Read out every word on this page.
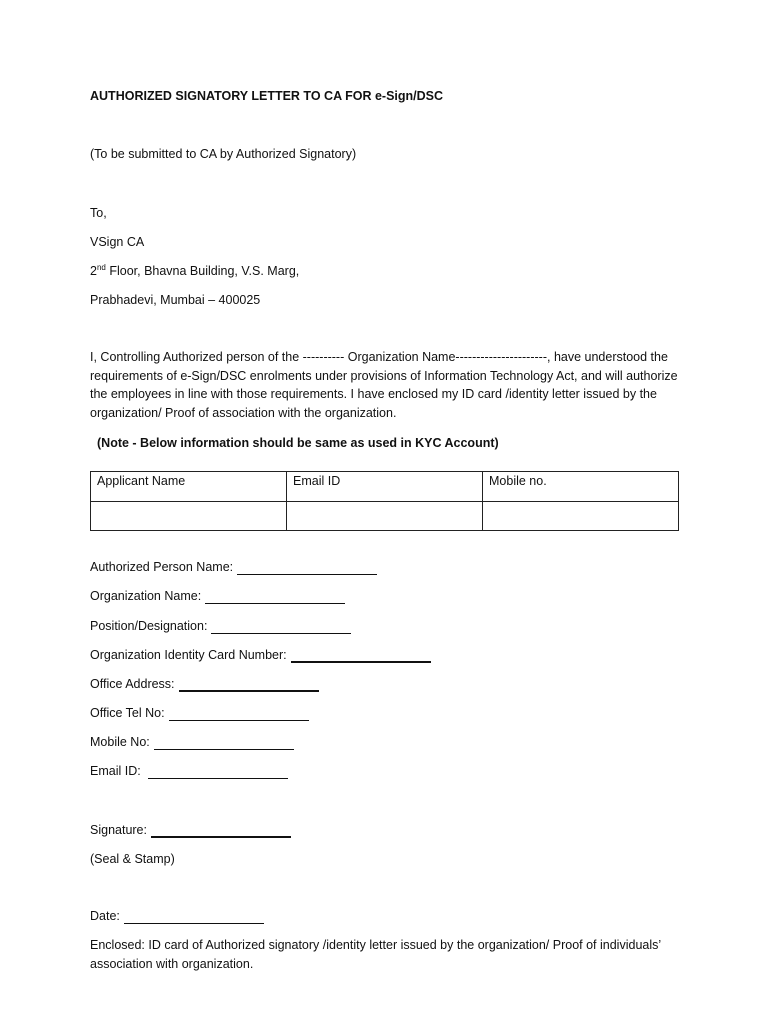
AUTHORIZED SIGNATORY LETTER TO CA FOR e-Sign/DSC
(To be submitted to CA by Authorized Signatory)
To,
VSign CA
2nd Floor, Bhavna Building, V.S. Marg,
Prabhadevi, Mumbai – 400025
I, Controlling Authorized person of the ---------- Organization Name----------------------, have understood the requirements of e-Sign/DSC enrolments under provisions of Information Technology Act, and will authorize the employees in line with those requirements. I have enclosed my ID card /identity letter issued by the organization/ Proof of association with the organization.
(Note - Below information should be same as used in KYC Account)
Applicant Name	Email ID	Mobile no.

Authorized Person Name:
Organization Name:
Position/Designation:
Organization Identity Card Number:
Office Address:
Office Tel No:
Mobile No:
Email ID:
Signature:
(Seal & Stamp)
Date:
Enclosed: ID card of Authorized signatory /identity letter issued by the organization/ Proof of individuals’ association with organization.
